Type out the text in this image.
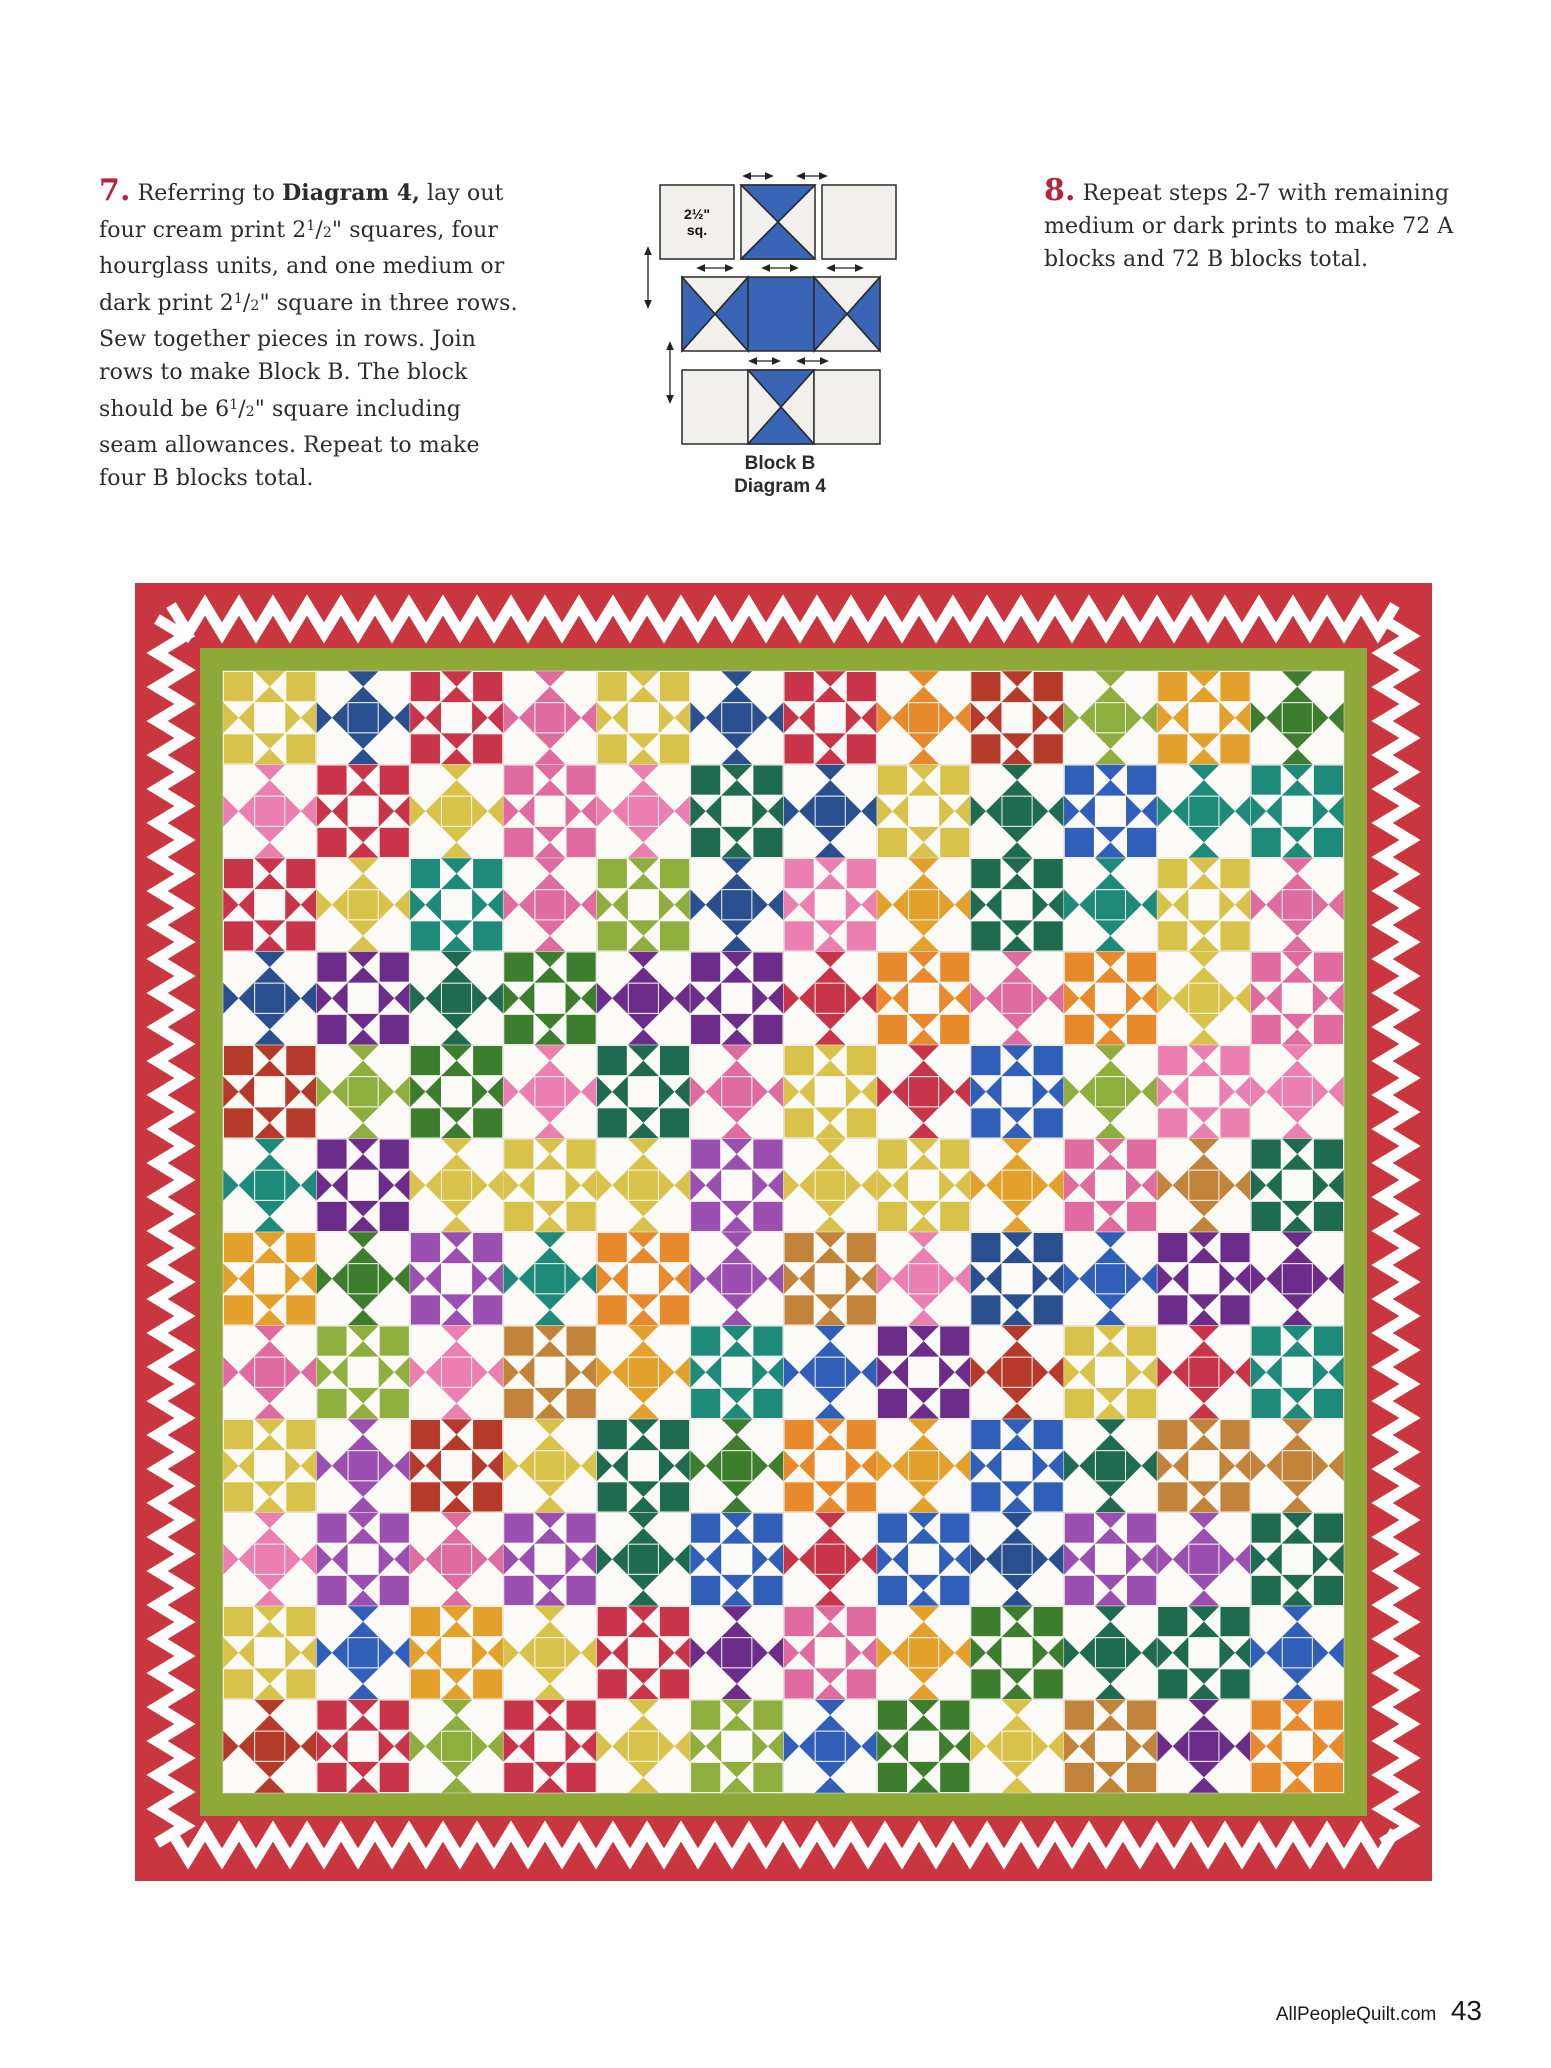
7. Referring to Diagram 4, lay out four cream print $2^1/2$" squares, four hourglass units, and one medium or dark print $2^1/2$" square in three rows. Sew together pieces in rows. Join rows to make Block B. The block should be $6^1/2$" square including seam allowances. Repeat to make four B blocks total.
2½"
sq.
Block B
Diagram 4
8. Repeat steps 2-7 with remaining medium or dark prints to make 72 A blocks and 72 B blocks total.
AllPeopleQuilt.com 43
